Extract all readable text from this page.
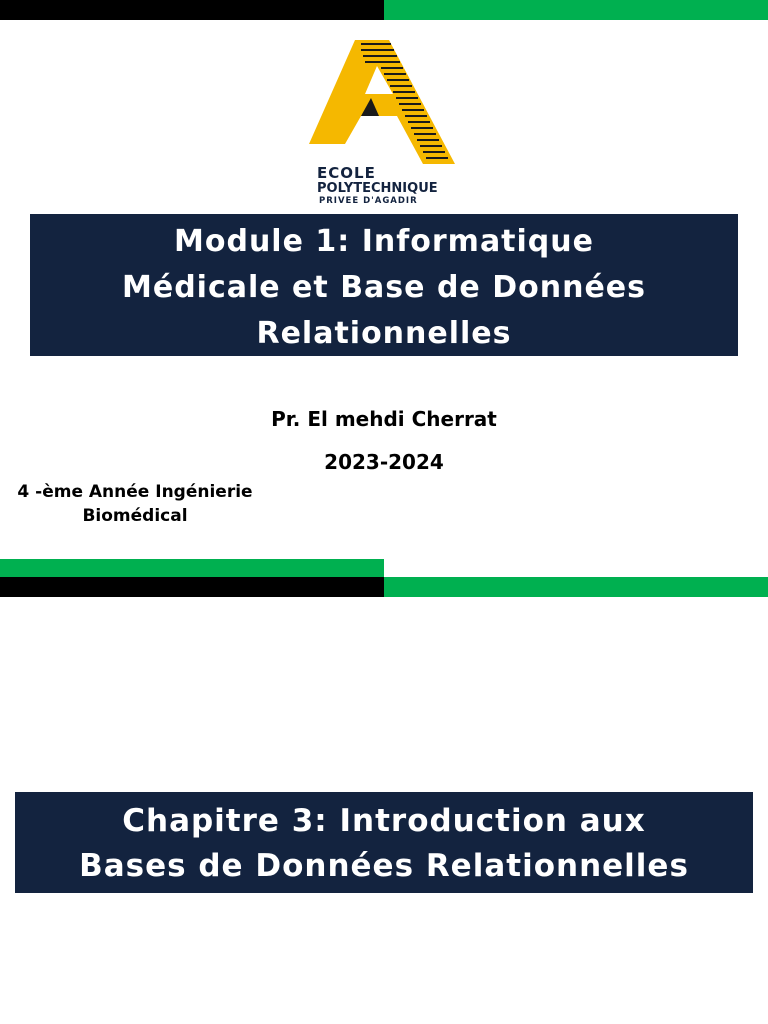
ECOLE
POLYTECHNIQUE
PRIVEE D'AGADIR
Module 1: Informatique
Médicale et Base de Données
Relationnelles
Pr. El mehdi Cherrat
2023-2024
4 -ème Année Ingénierie
Biomédical
Chapitre 3: Introduction aux
Bases de Données Relationnelles
